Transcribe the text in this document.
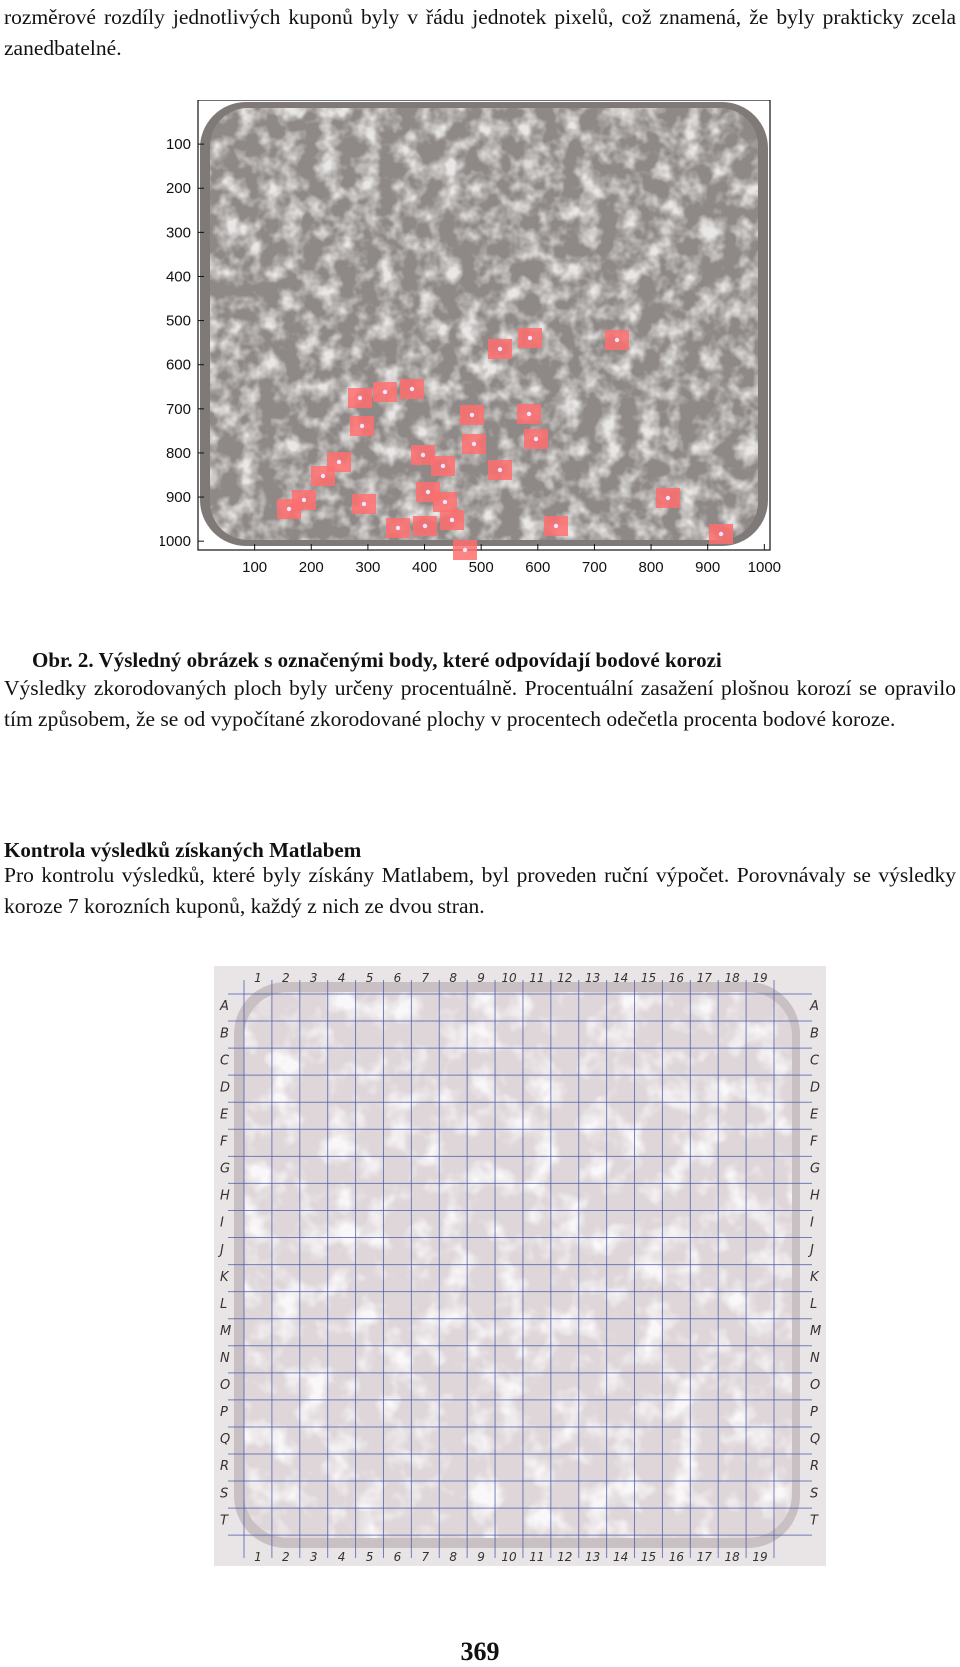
rozměrové rozdíly jednotlivých kuponů byly v řádu jednotek pixelů, což znamená, že byly prakticky zcela zanedbatelné.
100
200
300
400
500
600
700
800
900
1000
100 200 300 400 500 600 700 800 900 1000
Obr. 2. Výsledný obrázek s označenými body, které odpovídají bodové korozi
Výsledky zkorodovaných ploch byly určeny procentuálně. Procentuální zasažení plošnou korozí se opravilo tím způsobem, že se od vypočítané zkorodované plochy v procentech odečetla procenta bodové koroze.
Kontrola výsledků získaných Matlabem
Pro kontrolu výsledků, které byly získány Matlabem, byl proveden ruční výpočet. Porovnávaly se výsledky koroze 7 korozních kuponů, každý z nich ze dvou stran.
1
1
2
2
3
3
4
4
5
5
6
6
7
7
8
8
9
9
10
10
11
11
12
12
13
13
14
14
15
15
16
16
17
17
18
18
19
19
A	A
B	B
C	C
D	D
E	E
F	F
G	G
H	H
I	I
J	J
K	K
L	L
M	M
N	N
O	O
P	P
Q	Q
R	R
S	S
T	T
369
